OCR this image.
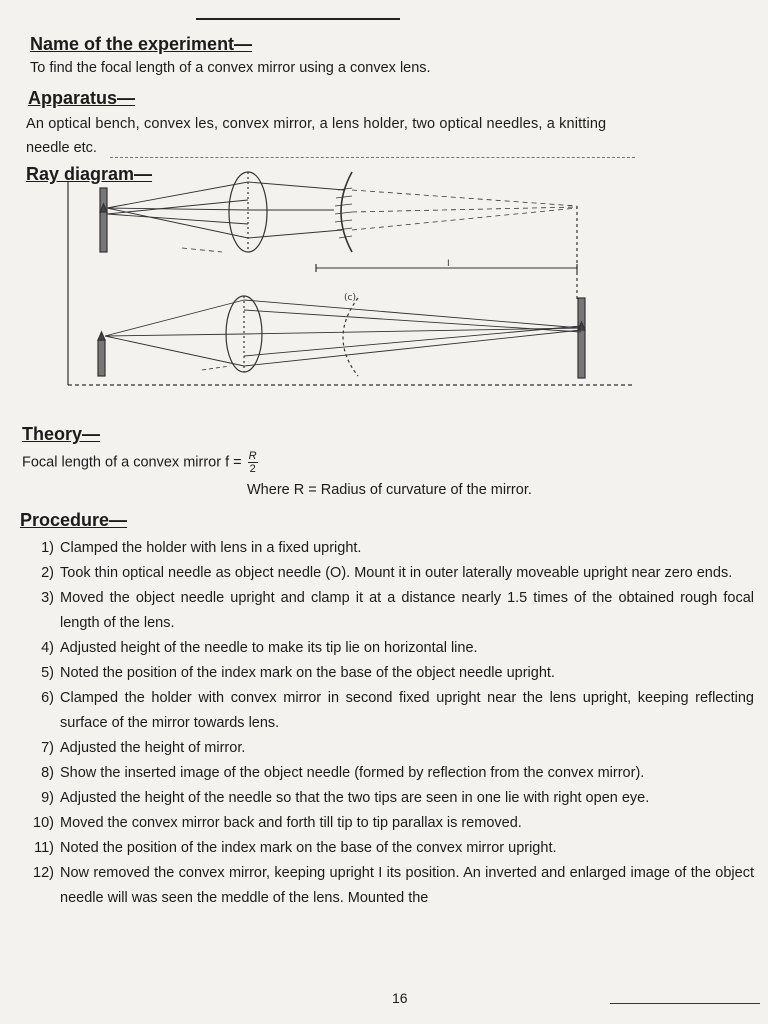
Name of the experiment—
To find the focal length of a convex mirror using a convex lens.
Apparatus—
An optical bench, convex les, convex mirror, a lens holder, two optical needles, a knitting
needle etc.
Ray diagram—
I
(c)
Theory—
Focal length of a convex mirror $f = \frac{R}{2}$
Where R = Radius of curvature of the mirror.
Procedure—
1) Clamped the holder with lens in a fixed upright.
2) Took thin optical needle as object needle (O). Mount it in outer laterally moveable upright near zero ends.
3) Moved the object needle upright and clamp it at a distance nearly 1.5 times of the obtained rough focal length of the lens.
4) Adjusted height of the needle to make its tip lie on horizontal line.
5) Noted the position of the index mark on the base of the object needle upright.
6) Clamped the holder with convex mirror in second fixed upright near the lens upright, keeping reflecting surface of the mirror towards lens.
7) Adjusted the height of mirror.
8) Show the inserted image of the object needle (formed by reflection from the convex mirror).
9) Adjusted the height of the needle so that the two tips are seen in one lie with right open eye.
10) Moved the convex mirror back and forth till tip to tip parallax is removed.
11) Noted the position of the index mark on the base of the convex mirror upright.
12) Now removed the convex mirror, keeping upright I its position. An inverted and enlarged image of the object needle will was seen the meddle of the lens. Mounted the
16
